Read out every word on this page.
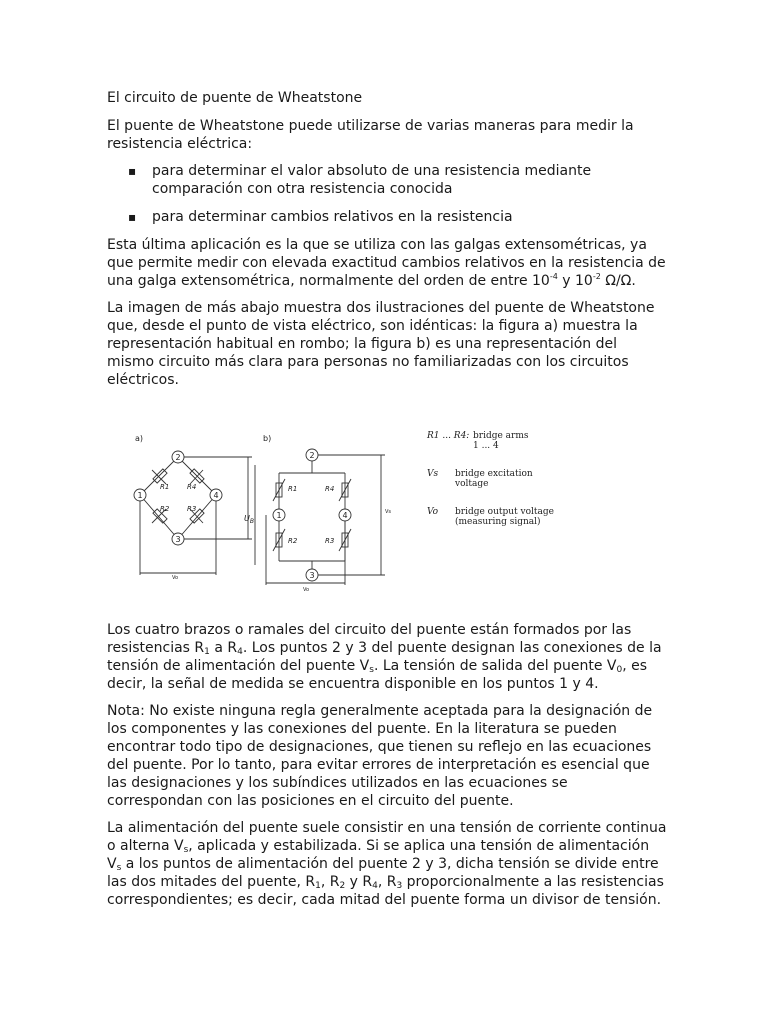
El circuito de puente de Wheatstone

El puente de Wheatstone puede utilizarse de varias maneras para medir la resistencia eléctrica:

▪ para determinar el valor absoluto de una resistencia mediante comparación con otra resistencia conocida
▪ para determinar cambios relativos en la resistencia

Esta última aplicación es la que se utiliza con las galgas extensométricas, ya que permite medir con elevada exactitud cambios relativos en la resistencia de una galga extensométrica, normalmente del orden de entre $10^{-4}$ y $10^{-2}$ Ω/Ω.

La imagen de más abajo muestra dos ilustraciones del puente de Wheatstone que, desde el punto de vista eléctrico, son idénticas: la figura a) muestra la representación habitual en rombo; la figura b) es una representación del mismo circuito más clara para personas no familiarizadas con los circuitos eléctricos.

a)
2
1	4
3
R1	R4
R2	R3
Vo
b)
2
1	4
3
R1
R2
R4
R3
$U_B$
Vs
Vo
R1 ... R4: bridge arms
1 ... 4
Vs bridge excitation
voltage
Vo bridge output voltage
(measuring signal)

Los cuatro brazos o ramales del circuito del puente están formados por las resistencias $R_1$ a $R_4$. Los puntos 2 y 3 del puente designan las conexiones de la tensión de alimentación del puente $V_s$. La tensión de salida del puente $V_0$, es decir, la señal de medida se encuentra disponible en los puntos 1 y 4.

Nota: No existe ninguna regla generalmente aceptada para la designación de los componentes y las conexiones del puente. En la literatura se pueden encontrar todo tipo de designaciones, que tienen su reflejo en las ecuaciones del puente. Por lo tanto, para evitar errores de interpretación es esencial que las designaciones y los subíndices utilizados en las ecuaciones se correspondan con las posiciones en el circuito del puente.

La alimentación del puente suele consistir en una tensión de corriente continua o alterna $V_s$, aplicada y estabilizada. Si se aplica una tensión de alimentación $V_s$ a los puntos de alimentación del puente 2 y 3, dicha tensión se divide entre las dos mitades del puente, $R_1$, $R_2$ y $R_4$, $R_3$ proporcionalmente a las resistencias correspondientes; es decir, cada mitad del puente forma un divisor de tensión.
